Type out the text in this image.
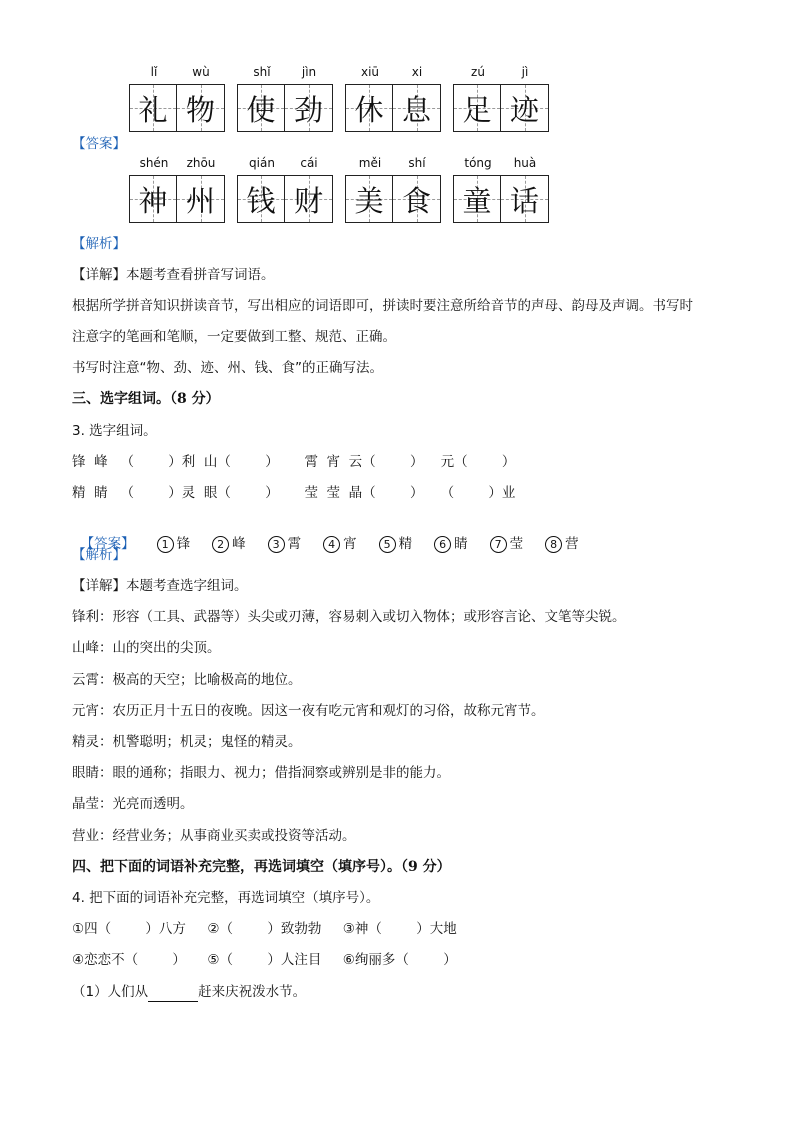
lǐ
礼
wù
物
shǐ
使
jìn
劲
xiū
休
xi
息
zú
足
jì
迹
【答案】
shén
神
zhōu
州
qián
钱
cái
财
měi
美
shí
食
tóng
童
huà
话
【解析】
【详解】本题考查看拼音写词语。
根据所学拼音知识拼读音节，写出相应的词语即可，拼读时要注意所给音节的声母、韵母及声调。书写时
注意字的笔画和笔顺，一定要做到工整、规范、正确。
书写时注意“物、劲、迹、州、钱、食”的正确写法。
三、选字组词。（8 分）
3. 选字组词。
锋  峰   （        ）利  山（        ）      霄  宵  云（        ）    元（        ）
精  睛   （        ）灵  眼（        ）      莹  莹  晶（        ）    （        ）业

【答案】 1 锋 2 峰 3 霄 4 宵 5 精 6 睛 7 莹 8 营

【解析】
【详解】本题考查选字组词。
锋利：形容（工具、武器等）头尖或刃薄，容易刺入或切入物体；或形容言论、文笔等尖锐。
山峰：山的突出的尖顶。
云霄：极高的天空；比喻极高的地位。
元宵：农历正月十五日的夜晚。因这一夜有吃元宵和观灯的习俗，故称元宵节。
精灵：机警聪明；机灵；鬼怪的精灵。
眼睛：眼的通称；指眼力、视力；借指洞察或辨别是非的能力。
晶莹：光亮而透明。
营业：经营业务；从事商业买卖或投资等活动。
四、把下面的词语补充完整，再选词填空（填序号）。（9 分）
4. 把下面的词语补充完整，再选词填空（填序号）。
①四（        ）八方     ②（        ）致勃勃     ③神（        ）大地
④恋恋不（        ）     ⑤（        ）人注目     ⑥绚丽多（        ）
（1）人们从	赶来庆祝泼水节。
